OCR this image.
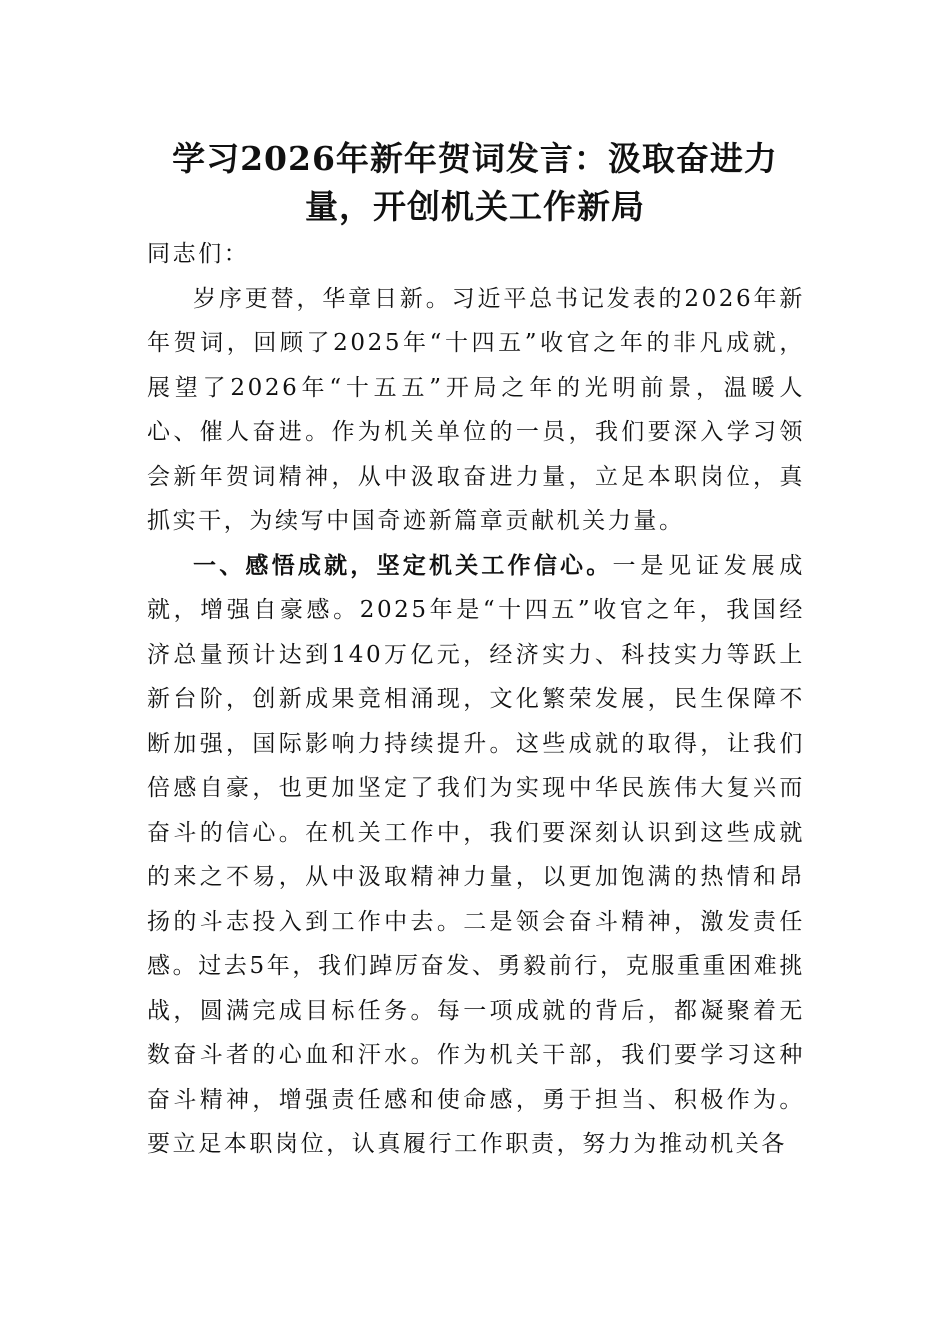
学习2026年新年贺词发言：汲取奋进力量，开创机关工作新局

同志们：

岁序更替，华章日新。习近平总书记发表的2026年新年贺词，回顾了2025年“十四五”收官之年的非凡成就，展望了2026年“十五五”开局之年的光明前景，温暖人心、催人奋进。作为机关单位的一员，我们要深入学习领会新年贺词精神，从中汲取奋进力量，立足本职岗位，真抓实干，为续写中国奇迹新篇章贡献机关力量。

一、感悟成就，坚定机关工作信心。一是见证发展成就，增强自豪感。2025年是“十四五”收官之年，我国经济总量预计达到140万亿元，经济实力、科技实力等跃上新台阶，创新成果竞相涌现，文化繁荣发展，民生保障不断加强，国际影响力持续提升。这些成就的取得，让我们倍感自豪，也更加坚定了我们为实现中华民族伟大复兴而奋斗的信心。在机关工作中，我们要深刻认识到这些成就的来之不易，从中汲取精神力量，以更加饱满的热情和昂扬的斗志投入到工作中去。二是领会奋斗精神，激发责任感。过去5年，我们踔厉奋发、勇毅前行，克服重重困难挑战，圆满完成目标任务。每一项成就的背后，都凝聚着无数奋斗者的心血和汗水。作为机关干部，我们要学习这种奋斗精神，增强责任感和使命感，勇于担当、积极作为。要立足本职岗位，认真履行工作职责，努力为推动机关各
